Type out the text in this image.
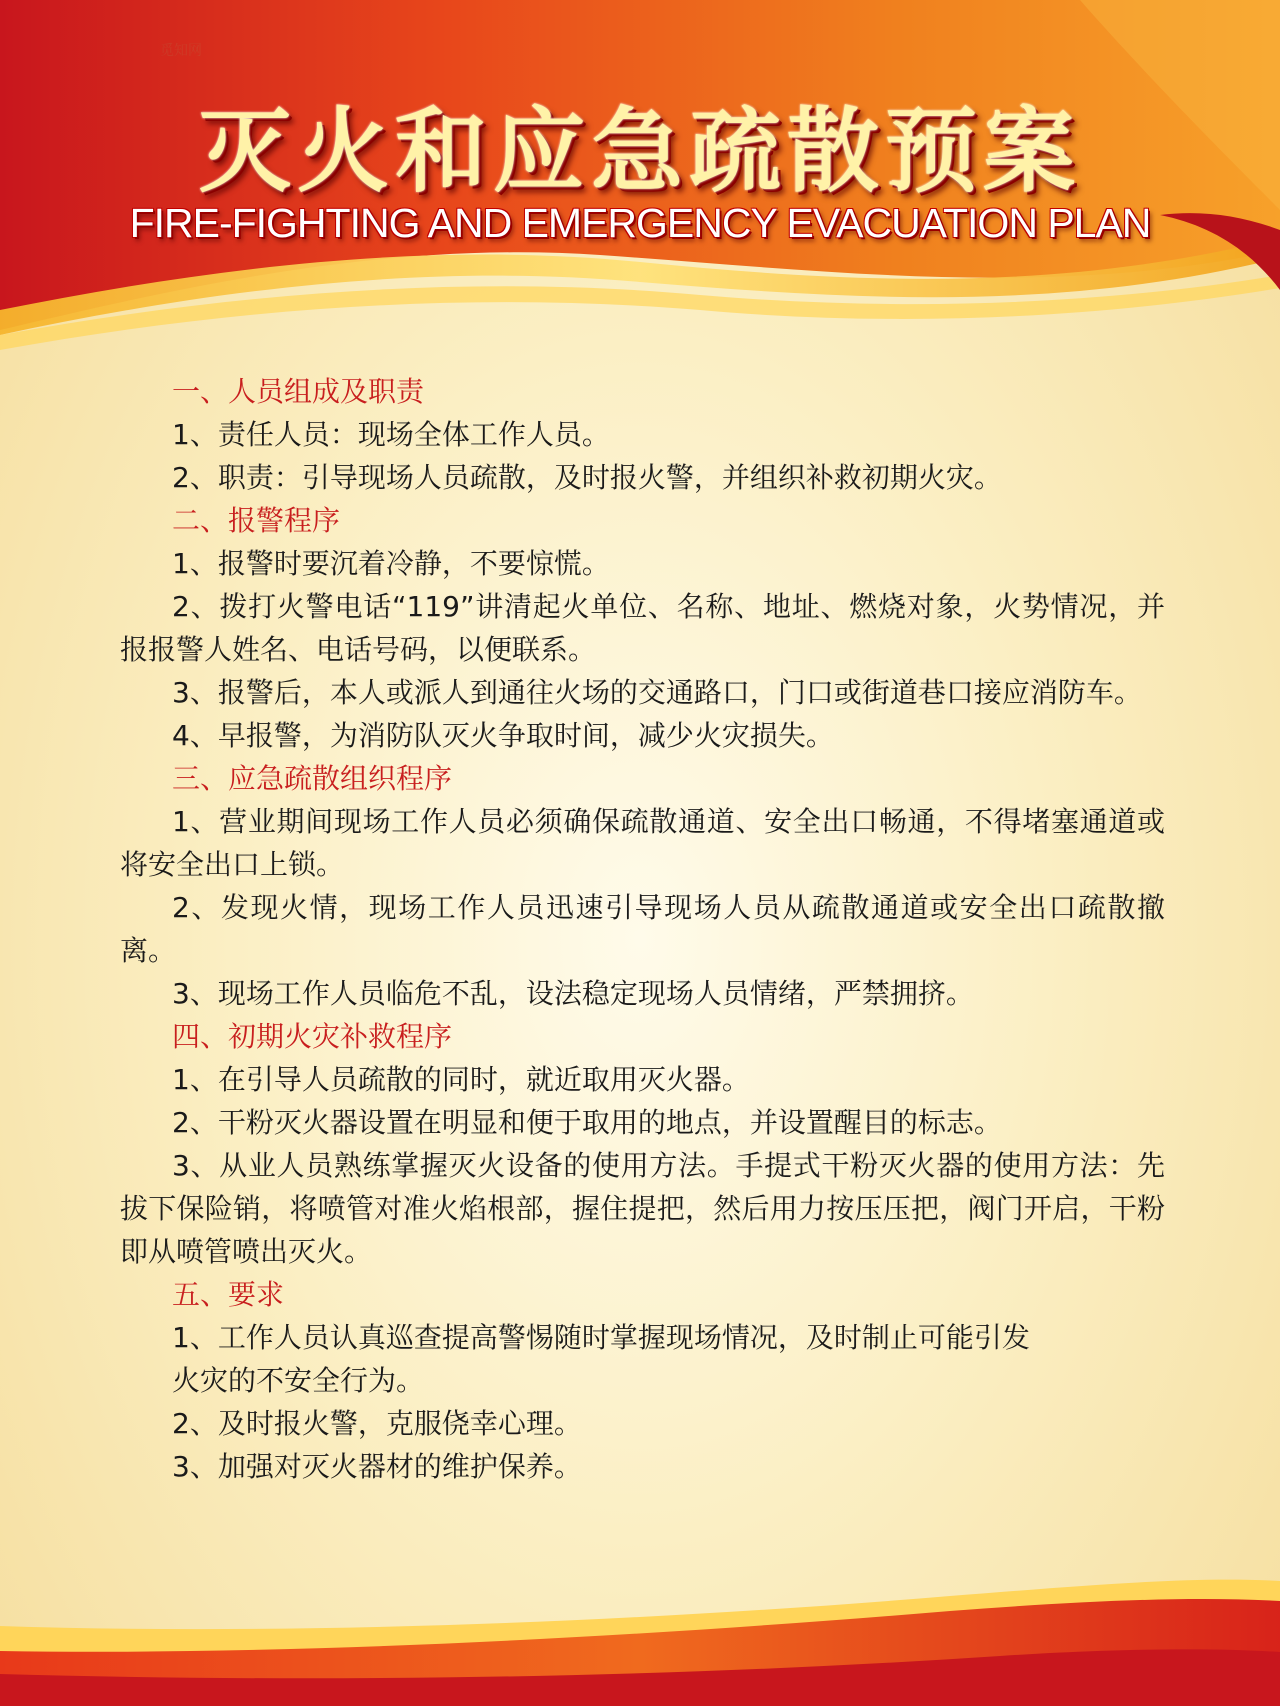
灭火和应急疏散预案
FIRE-FIGHTING AND EMERGENCY EVACUATION PLAN
一、人员组成及职责
1、责任人员：现场全体工作人员。
2、职责：引导现场人员疏散，及时报火警，并组织补救初期火灾。
二、报警程序
1、报警时要沉着冷静，不要惊慌。
2、拨打火警电话“119”讲清起火单位、名称、地址、燃烧对象，火势情况，并报报警人姓名、电话号码，以便联系。
3、报警后，本人或派人到通往火场的交通路口，门口或街道巷口接应消防车。
4、早报警，为消防队灭火争取时间，减少火灾损失。
三、应急疏散组织程序
1、营业期间现场工作人员必须确保疏散通道、安全出口畅通，不得堵塞通道或将安全出口上锁。
2、发现火情，现场工作人员迅速引导现场人员从疏散通道或安全出口疏散撤离。
3、现场工作人员临危不乱，设法稳定现场人员情绪，严禁拥挤。
四、初期火灾补救程序
1、在引导人员疏散的同时，就近取用灭火器。
2、干粉灭火器设置在明显和便于取用的地点，并设置醒目的标志。
3、从业人员熟练掌握灭火设备的使用方法。手提式干粉灭火器的使用方法：先拔下保险销，将喷管对准火焰根部，握住提把，然后用力按压压把，阀门开启，干粉即从喷管喷出灭火。
五、要求
1、工作人员认真巡查提高警惕随时掌握现场情况，及时制止可能引发
火灾的不安全行为。
2、及时报火警，克服侥幸心理。
3、加强对灭火器材的维护保养。
觅知网
